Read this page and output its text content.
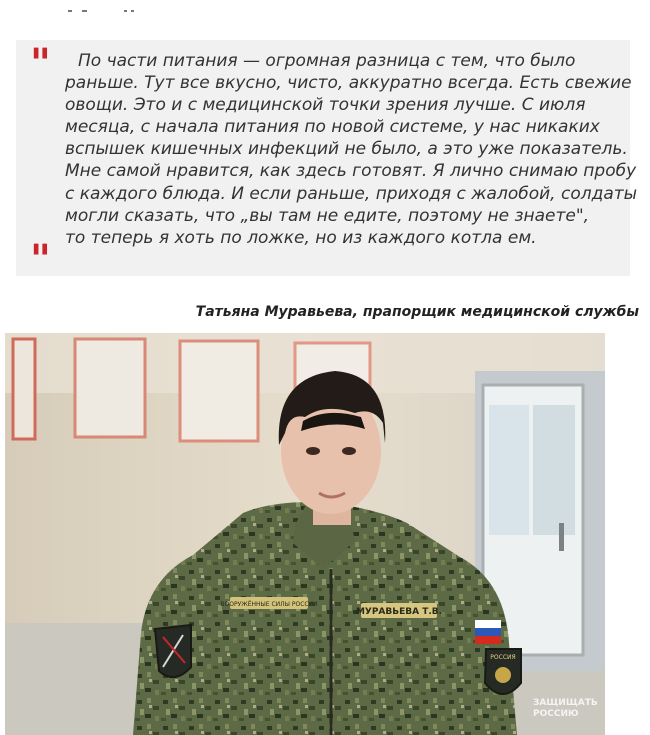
"	По части питания — огромная разница с тем, что было
раньше. Тут все вкусно, чисто, аккуратно всегда. Есть свежие
овощи. Это и с медицинской точки зрения лучше. С июля
месяца, с начала питания по новой системе, у нас никаких
вспышек кишечных инфекций не было, а это уже показатель.
Мне самой нравится, как здесь готовят. Я лично снимаю пробу
с каждого блюда. И если раньше, приходя с жалобой, солдаты
могли сказать, что „вы там не едите, поэтому не знаете",
то теперь я хоть по ложке, но из каждого котла ем.
"
Татьяна Муравьева, прапорщик медицинской службы
ВООРУЖЁННЫЕ СИЛЫ РОССИИ
МУРАВЬЕВА Т.В.
РОССИЯ
ЗАЩИЩАТЬ
РОССИЮ
